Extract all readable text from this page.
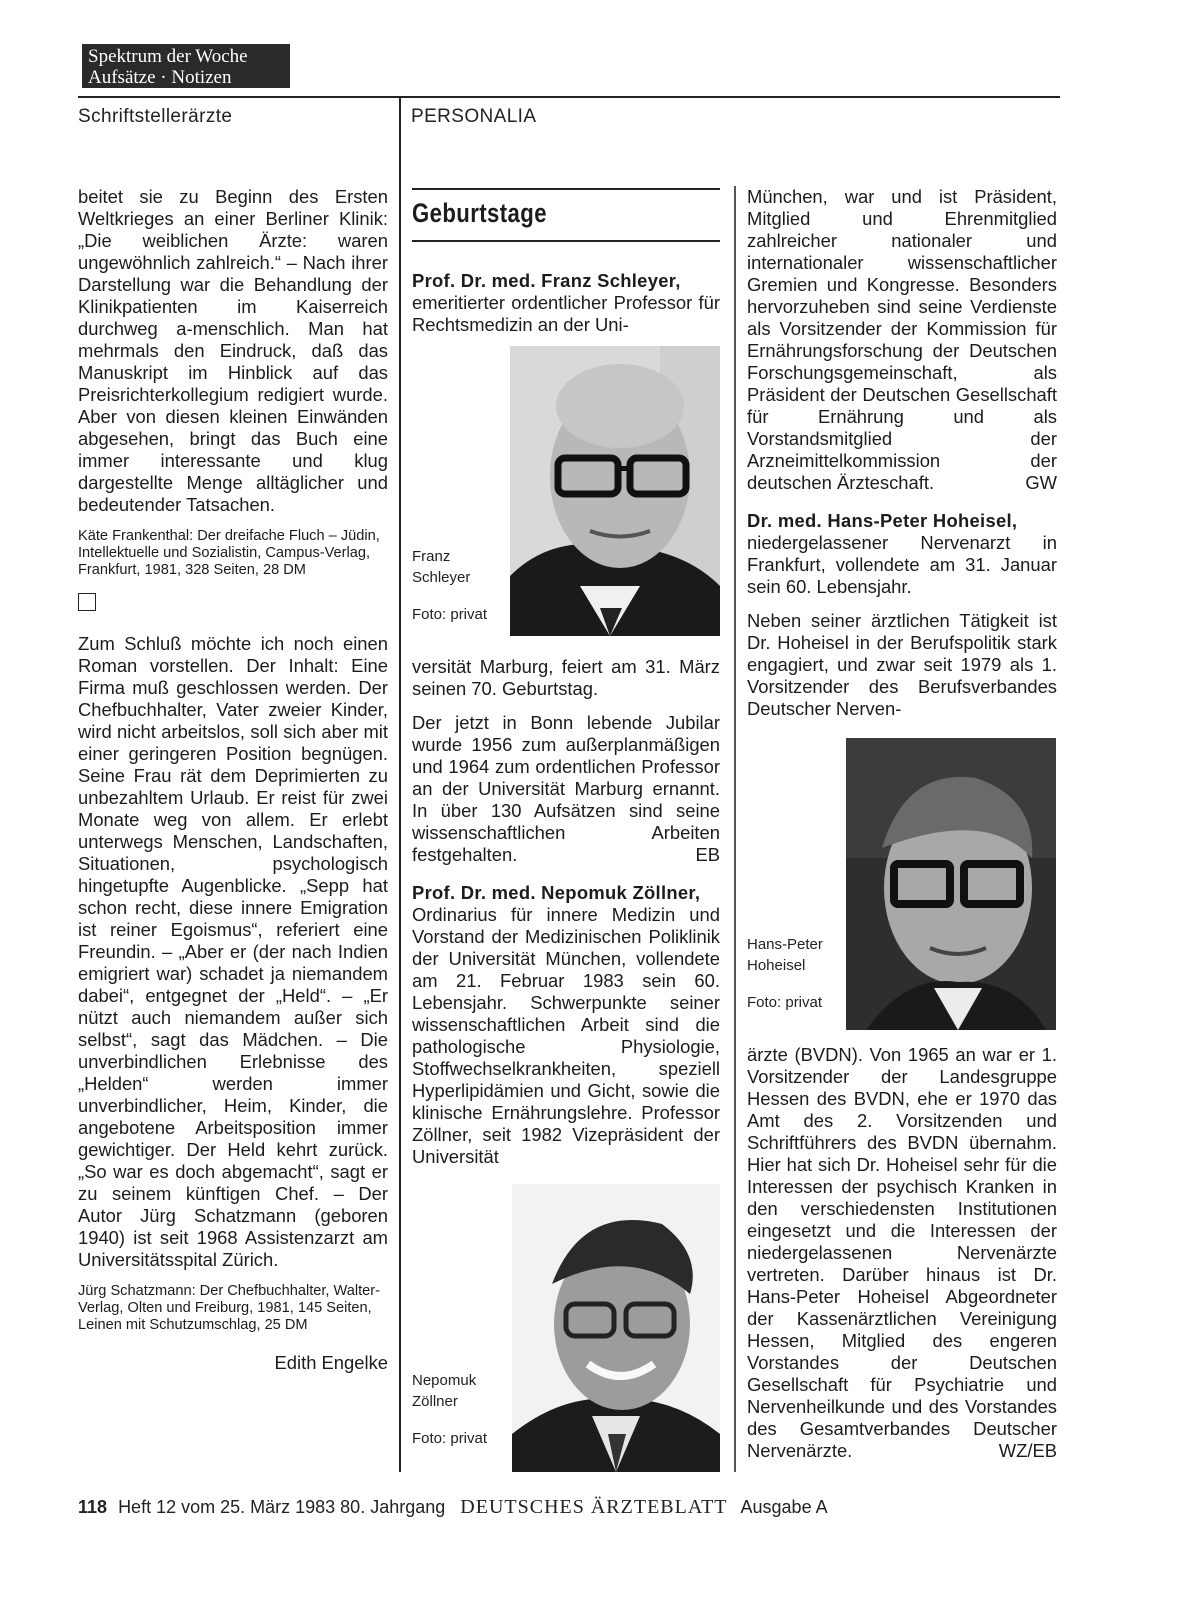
Spektrum der Woche
Aufsätze · Notizen
Schriftstellerärzte	PERSONALIA

beitet sie zu Beginn des Ersten Weltkrieges an einer Berliner Klinik: „Die weiblichen Ärzte: waren ungewöhnlich zahlreich.“ – Nach ihrer Darstellung war die Behandlung der Klinikpatienten im Kaiserreich durchweg a-menschlich. Man hat mehrmals den Eindruck, daß das Manuskript im Hinblick auf das Preisrichterkollegium redigiert wurde. Aber von diesen kleinen Einwänden abgesehen, bringt das Buch eine immer interessante und klug dargestellte Menge alltäglicher und bedeutender Tatsachen.

Käte Frankenthal: Der dreifache Fluch – Jüdin, Intellektuelle und Sozialistin, Campus-Verlag, Frankfurt, 1981, 328 Seiten, 28 DM

Zum Schluß möchte ich noch einen Roman vorstellen. Der Inhalt: Eine Firma muß geschlossen werden. Der Chefbuchhalter, Vater zweier Kinder, wird nicht arbeitslos, soll sich aber mit einer geringeren Position begnügen. Seine Frau rät dem Deprimierten zu unbezahltem Urlaub. Er reist für zwei Monate weg von allem. Er erlebt unterwegs Menschen, Landschaften, Situationen, psychologisch hingetupfte Augenblicke. „Sepp hat schon recht, diese innere Emigration ist reiner Egoismus“, referiert eine Freundin. – „Aber er (der nach Indien emigriert war) schadet ja niemandem dabei“, entgegnet der „Held“. – „Er nützt auch niemandem außer sich selbst“, sagt das Mädchen. – Die unverbindlichen Erlebnisse des „Helden“ werden immer unverbindlicher, Heim, Kinder, die angebotene Arbeitsposition immer gewichtiger. Der Held kehrt zurück. „So war es doch abgemacht“, sagt er zu seinem künftigen Chef. – Der Autor Jürg Schatzmann (geboren 1940) ist seit 1968 Assistenzarzt am Universitätsspital Zürich.

Jürg Schatzmann: Der Chefbuchhalter, Walter-Verlag, Olten und Freiburg, 1981, 145 Seiten, Leinen mit Schutzumschlag, 25 DM

Edith Engelke
Geburtstage
Prof. Dr. med. Franz Schleyer,
emeritierter ordentlicher Professor für Rechtsmedizin an der Uni-
Franz Schleyer
Foto: privat

versität Marburg, feiert am 31. März seinen 70. Geburtstag.

Der jetzt in Bonn lebende Jubilar wurde 1956 zum außerplanmäßigen und 1964 zum ordentlichen Professor an der Universität Marburg ernannt. In über 130 Aufsätzen sind seine wissenschaftlichen Arbeiten festgehalten.	EB
Prof. Dr. med. Nepomuk Zöllner,
Ordinarius für innere Medizin und Vorstand der Medizinischen Poliklinik der Universität München, vollendete am 21. Februar 1983 sein 60. Lebensjahr. Schwerpunkte seiner wissenschaftlichen Arbeit sind die pathologische Physiologie, Stoffwechselkrankheiten, speziell Hyperlipidämien und Gicht, sowie die klinische Ernährungslehre. Professor Zöllner, seit 1982 Vizepräsident der Universität
Nepomuk Zöllner
Foto: privat

München, war und ist Präsident, Mitglied und Ehrenmitglied zahlreicher nationaler und internationaler wissenschaftlicher Gremien und Kongresse. Besonders hervorzuheben sind seine Verdienste als Vorsitzender der Kommission für Ernährungsforschung der Deutschen Forschungsgemeinschaft, als Präsident der Deutschen Gesellschaft für Ernährung und als Vorstandsmitglied der Arzneimittelkommission der deutschen Ärzteschaft.	GW
Dr. med. Hans-Peter Hoheisel,

niedergelassener Nervenarzt in Frankfurt, vollendete am 31. Januar sein 60. Lebensjahr.

Neben seiner ärztlichen Tätigkeit ist Dr. Hoheisel in der Berufspolitik stark engagiert, und zwar seit 1979 als 1. Vorsitzender des Berufsverbandes Deutscher Nerven-

Hans-Peter Hoheisel
Foto: privat

ärzte (BVDN). Von 1965 an war er 1. Vorsitzender der Landesgruppe Hessen des BVDN, ehe er 1970 das Amt des 2. Vorsitzenden und Schriftführers des BVDN übernahm. Hier hat sich Dr. Hoheisel sehr für die Interessen der psychisch Kranken in den verschiedensten Institutionen eingesetzt und die Interessen der niedergelassenen Nervenärzte vertreten. Darüber hinaus ist Dr. Hans-Peter Hoheisel Abgeordneter der Kassenärztlichen Vereinigung Hessen, Mitglied des engeren Vorstandes der Deutschen Gesellschaft für Psychiatrie und Nervenheilkunde und des Vorstandes des Gesamtverbandes Deutscher Nervenärzte.	WZ/EB
118 Heft 12 vom 25. März 1983 80. Jahrgang DEUTSCHES ÄRZTEBLATT Ausgabe A
